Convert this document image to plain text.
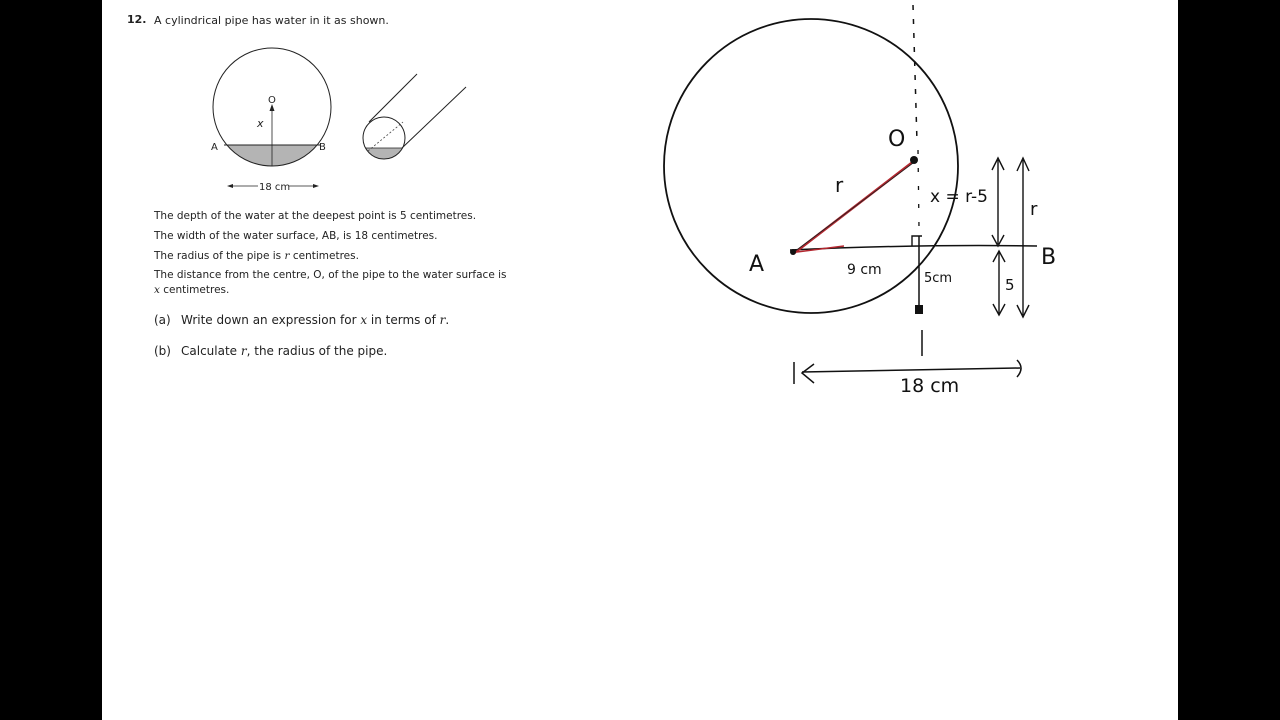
12. A cylindrical pipe has water in it as shown.
O
x
A	B
18 cm
The depth of the water at the deepest point is 5 centimetres.
The width of the water surface, AB, is 18 centimetres.
The radius of the pipe is r centimetres.
The distance from the centre, O, of the pipe to the water surface is
x centimetres.
(a) Write down an expression for x in terms of r.
(b) Calculate r, the radius of the pipe.
O
A	B
r	x = r-5
r
9 cm
5cm	5
18 cm
